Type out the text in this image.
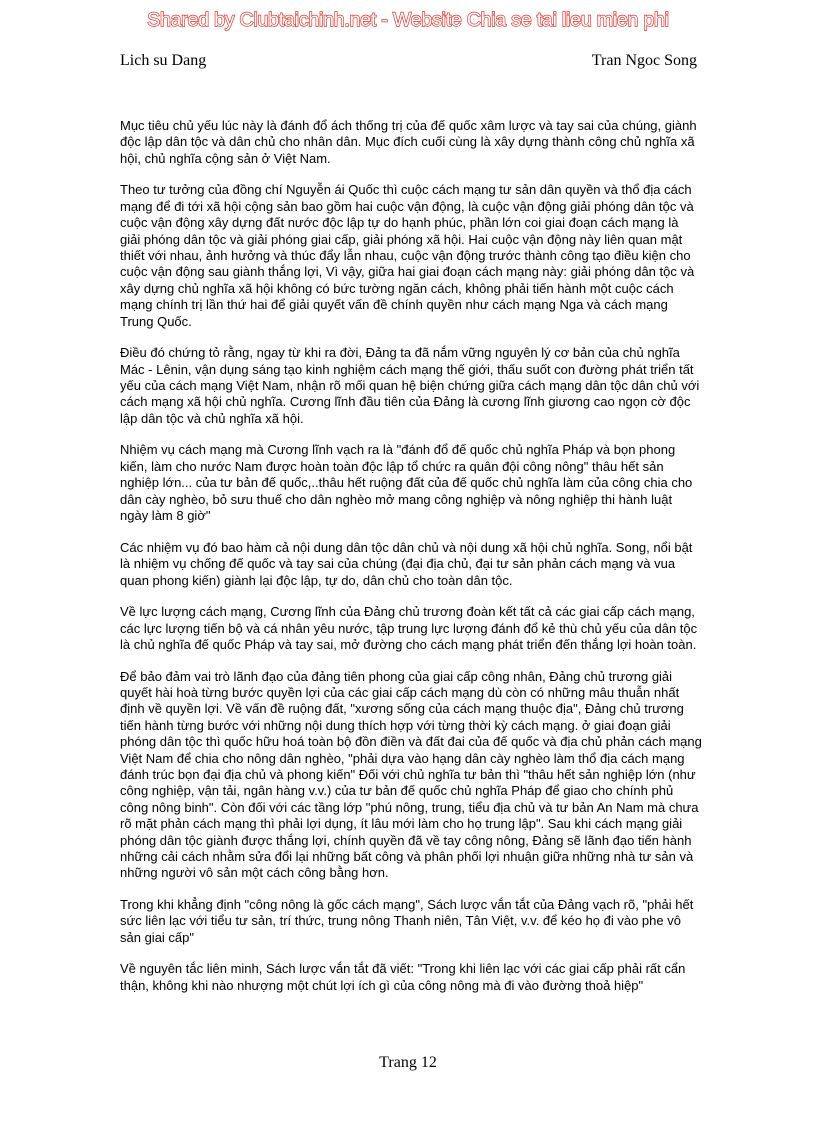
Shared by Clubtaichinh.net - Website Chia se tai lieu mien phi
Lich su Dang	Tran Ngoc Song

Mục tiêu chủ yếu lúc này là đánh đổ ách thống trị của đế quốc xâm lược và tay sai của chúng, giành độc lập dân tộc và dân chủ cho nhân dân. Mục đích cuối cùng là xây dựng thành công chủ nghĩa xã hội, chủ nghĩa cộng sản ở Việt Nam.

Theo tư tưởng của đồng chí Nguyễn ái Quốc thì cuộc cách mạng tư sản dân quyền và thổ địa cách mạng để đi tới xã hội cộng sản bao gồm hai cuộc vận động, là cuộc vận động giải phóng dân tộc và cuộc vận động xây dựng đất nước độc lập tự do hạnh phúc, phần lớn coi giai đoạn cách mạng là giải phóng dân tộc và giải phóng giai cấp, giải phóng xã hội. Hai cuộc vận động này liên quan mật thiết với nhau, ảnh hưởng và thúc đẩy lẫn nhau, cuộc vận động trước thành công tạo điều kiện cho cuộc vận động sau giành thắng lợi, Vì vậy, giữa hai giai đoạn cách mạng này: giải phóng dân tộc và xây dựng chủ nghĩa xã hội không có bức tường ngăn cách, không phải tiến hành một cuộc cách mạng chính trị lần thứ hai để giải quyết vấn đề chính quyền như cách mạng Nga và cách mạng Trung Quốc.

Điều đó chứng tỏ rằng, ngay từ khi ra đời, Đảng ta đã nắm vững nguyên lý cơ bản của chủ nghĩa Mác - Lênin, vận dụng sáng tạo kinh nghiệm cách mạng thế giới, thấu suốt con đường phát triển tất yếu của cách mạng Việt Nam, nhận rõ mối quan hệ biện chứng giữa cách mạng dân tộc dân chủ với cách mạng xã hội chủ nghĩa. Cương lĩnh đầu tiên của Đảng là cương lĩnh giương cao ngọn cờ độc lập dân tộc và chủ nghĩa xã hội.

Nhiệm vụ cách mạng mà Cương lĩnh vạch ra là "đánh đổ đế quốc chủ nghĩa Pháp và bọn phong kiến, làm cho nước Nam được hoàn toàn độc lập tổ chức ra quân đội công nông" thâu hết sản nghiệp lớn... của tư bản đế quốc,..thâu hết ruộng đất của đế quốc chủ nghĩa làm của công chia cho dân cày nghèo, bỏ sưu thuế cho dân nghèo mở mang công nghiệp và nông nghiệp thi hành luật ngày làm 8 giờ"

Các nhiệm vụ đó bao hàm cả nội dung dân tộc dân chủ và nội dung xã hội chủ nghĩa. Song, nổi bật là nhiệm vụ chống đế quốc và tay sai của chúng (đại địa chủ, đại tư sản phản cách mạng và vua quan phong kiến) giành lại độc lập, tự do, dân chủ cho toàn dân tộc.

Về lực lượng cách mạng, Cương lĩnh của Đảng chủ trương đoàn kết tất cả các giai cấp cách mạng, các lực lượng tiến bộ và cá nhân yêu nước, tập trung lực lượng đánh đổ kẻ thù chủ yếu của dân tộc là chủ nghĩa đế quốc Pháp và tay sai, mở đường cho cách mạng phát triển đến thắng lợi hoàn toàn.

Để bảo đảm vai trò lãnh đạo của đảng tiên phong của giai cấp công nhân, Đảng chủ trương giải quyết hài hoà từng bước quyền lợi của các giai cấp cách mạng dù còn có những mâu thuẫn nhất định về quyền lợi. Về vấn đề ruộng đất, "xương sống của cách mạng thuộc địa", Đảng chủ trương tiến hành từng bước với những nội dung thích hợp với từng thời kỳ cách mạng. ở giai đoạn giải phóng dân tộc thì quốc hữu hoá toàn bộ đồn điền và đất đai của đế quốc và địa chủ phản cách mạng Việt Nam để chia cho nông dân nghèo, "phải dựa vào hạng dân cày nghèo làm thổ địa cách mạng đánh trúc bọn đại địa chủ và phong kiến" Đối với chủ nghĩa tư bản thì "thâu hết sản nghiệp lớn (như công nghiệp, vận tải, ngân hàng v.v.) của tư bản đế quốc chủ nghĩa Pháp để giao cho chính phủ công nông binh". Còn đối với các tầng lớp "phú nông, trung, tiểu địa chủ và tư bản An Nam mà chưa rõ mặt phản cách mạng thì phải lợi dụng, ít lâu mới làm cho họ trung lập". Sau khi cách mạng giải phóng dân tộc giành được thắng lợi, chính quyền đã về tay công nông, Đảng sẽ lãnh đạo tiến hành những cải cách nhằm sửa đổi lại những bất công và phân phối lợi nhuận giữa những nhà tư sản và những người vô sản một cách công bằng hơn.

Trong khi khẳng định "công nông là gốc cách mạng", Sách lược vắn tắt của Đảng vạch rõ, "phải hết sức liên lạc với tiểu tư sản, trí thức, trung nông Thanh niên, Tân Việt, v.v. để kéo họ đi vào phe vô sản giai cấp"

Về nguyên tắc liên minh, Sách lược vắn tắt đã viết: "Trong khi liên lạc với các giai cấp phải rất cẩn thận, không khi nào nhượng một chút lợi ích gì của công nông mà đi vào đường thoả hiệp"

Trang 12
